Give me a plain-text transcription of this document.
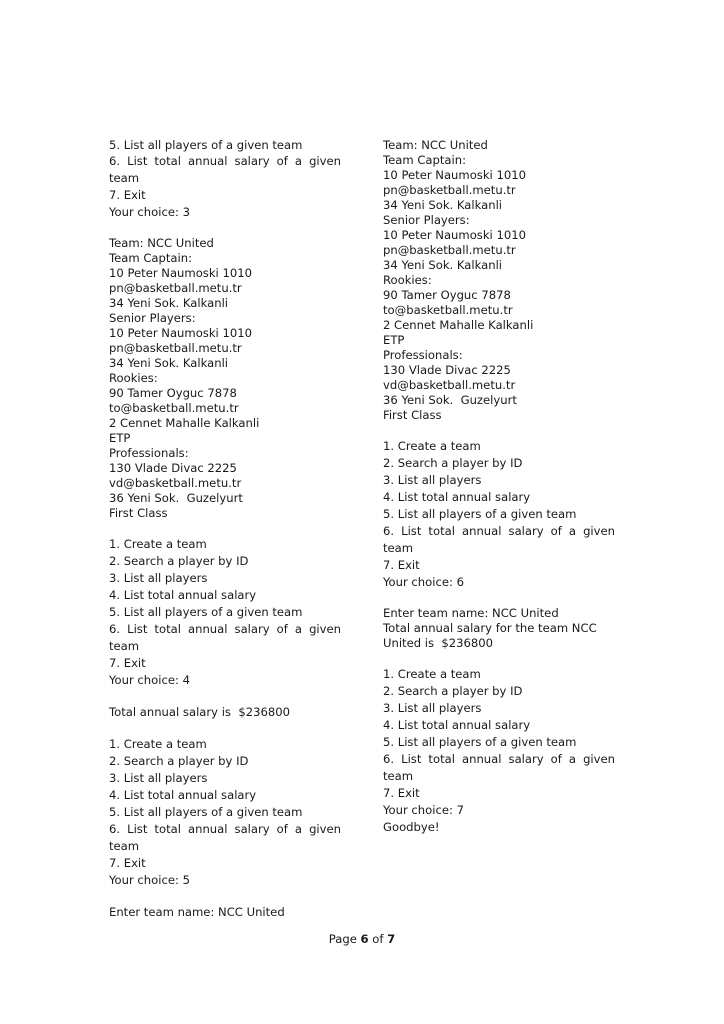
5. List all players of a given team
6. List total annual salary of a given
team
7. Exit
Your choice: 3
Team: NCC United
Team Captain:
10 Peter Naumoski 1010
pn@basketball.metu.tr
34 Yeni Sok. Kalkanli
Senior Players:
10 Peter Naumoski 1010
pn@basketball.metu.tr
34 Yeni Sok. Kalkanli
Rookies:
90 Tamer Oyguc 7878
to@basketball.metu.tr
2 Cennet Mahalle Kalkanli
ETP
Professionals:
130 Vlade Divac 2225
vd@basketball.metu.tr
36 Yeni Sok.  Guzelyurt
First Class
1. Create a team
2. Search a player by ID
3. List all players
4. List total annual salary
5. List all players of a given team
6. List total annual salary of a given
team
7. Exit
Your choice: 4
Total annual salary is  $236800
1. Create a team
2. Search a player by ID
3. List all players
4. List total annual salary
5. List all players of a given team
6. List total annual salary of a given
team
7. Exit
Your choice: 5
Enter team name: NCC United
Team: NCC United
Team Captain:
10 Peter Naumoski 1010
pn@basketball.metu.tr
34 Yeni Sok. Kalkanli
Senior Players:
10 Peter Naumoski 1010
pn@basketball.metu.tr
34 Yeni Sok. Kalkanli
Rookies:
90 Tamer Oyguc 7878
to@basketball.metu.tr
2 Cennet Mahalle Kalkanli
ETP
Professionals:
130 Vlade Divac 2225
vd@basketball.metu.tr
36 Yeni Sok.  Guzelyurt
First Class
1. Create a team
2. Search a player by ID
3. List all players
4. List total annual salary
5. List all players of a given team
6. List total annual salary of a given
team
7. Exit
Your choice: 6
Enter team name: NCC United
Total annual salary for the team NCC
United is  $236800
1. Create a team
2. Search a player by ID
3. List all players
4. List total annual salary
5. List all players of a given team
6. List total annual salary of a given
team
7. Exit
Your choice: 7
Goodbye!
Page 6 of 7
